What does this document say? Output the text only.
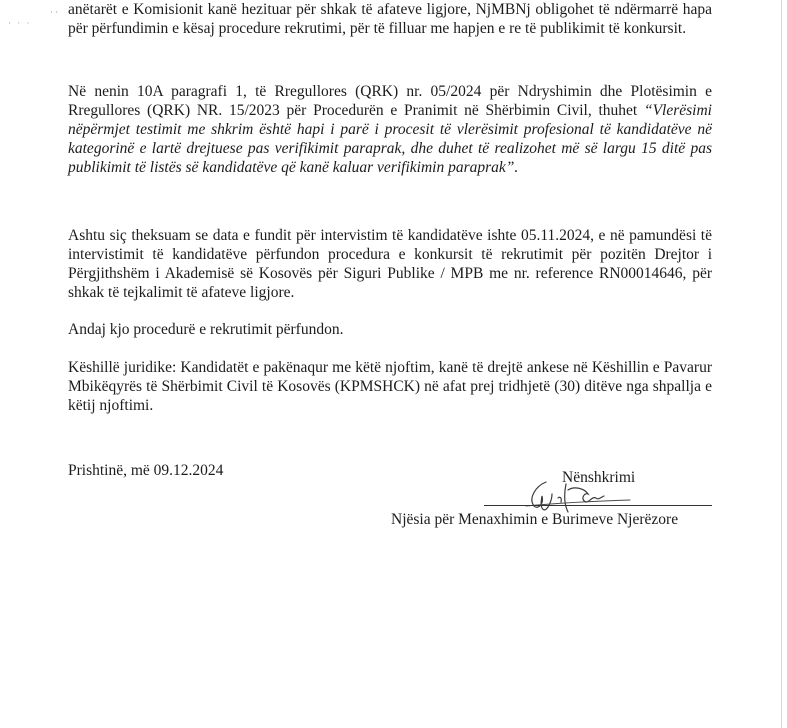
· · ·
˙ ˙ anëtarët e Komisionit kanë hezituar për shkak të afateve ligjore, NjMBNj obligohet të ndërmarrë hapa për përfundimin e kësaj procedure rekrutimi, për të filluar me hapjen e re të publikimit të konkursit.
Në nenin 10A paragrafi 1, të Rregullores (QRK) nr. 05/2024 për Ndryshimin dhe Plotësimin e Rregullores (QRK) NR. 15/2023 për Procedurën e Pranimit në Shërbimin Civil, thuhet “Vlerësimi nëpërmjet testimit me shkrim është hapi i parë i procesit të vlerësimit profesional të kandidatëve në kategorinë e lartë drejtuese pas verifikimit paraprak, dhe duhet të realizohet më së largu 15 ditë pas publikimit të listës së kandidatëve që kanë kaluar verifikimin paraprak”.
Ashtu siç theksuam se data e fundit për intervistim të kandidatëve ishte 05.11.2024, e në pamundësi të intervistimit të kandidatëve përfundon procedura e konkursit të rekrutimit për pozitën Drejtor i Përgjithshëm i Akademisë së Kosovës për Siguri Publike / MPB me nr. reference RN00014646, për shkak të tejkalimit të afateve ligjore.
Andaj kjo procedurë e rekrutimit përfundon.
Këshillë juridike: Kandidatët e pakënaqur me këtë njoftim, kanë të drejtë ankese në Këshillin e Pavarur Mbikëqyrës të Shërbimit Civil të Kosovës (KPMSHCK) në afat prej tridhjetë (30) ditëve nga shpallja e këtij njoftimi.
Prishtinë, më 09.12.2024	Nënshkrimi
Njësia për Menaxhimin e Burimeve Njerëzore
